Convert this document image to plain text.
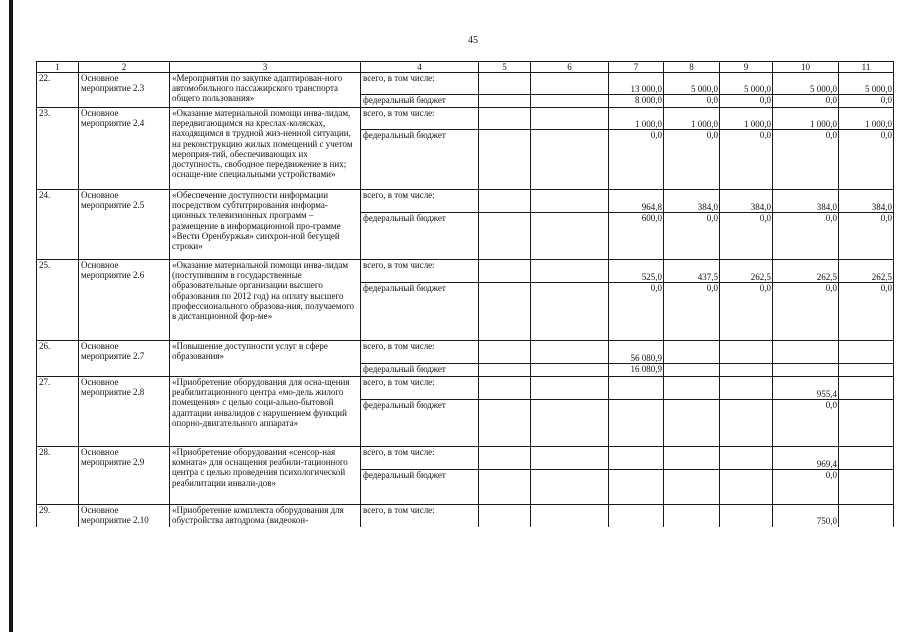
45
1	2	3	4	5	6	7	8	9	10	11
22.	Основное мероприятие 2.3	«Мероприятия по закупке адаптирован-ного автомобильного пассажирского транспорта общего пользования»	всего, в том числе:			13 000,0	5 000,0	5 000,0	5 000,0	5 000,0
			федеральный бюджет			8 000,0	0,0	0,0	0,0	0,0
23.	Основное мероприятие 2.4	«Оказание материальной помощи инва-лидам, передвигающимся на креслах-колясках, находящимся в трудной жиз-ненной ситуации, на реконструкцию жилых помещений с учетом мероприя-тий, обеспечивающих их доступность, свободное передвижение в них; оснаще-ние специальными устройствами»	всего, в том числе:			1 000,0	1 000,0	1 000,0	1 000,0	1 000,0
			федеральный бюджет			0,0	0,0	0,0	0,0	0,0
24.	Основное мероприятие 2.5	«Обеспечение доступности информации посредством субтитрирования информа-ционных телевизионных программ – размещение в информационной про-грамме «Вести Оренбуржья» синхрон-ной бегущей строки»	всего, в том числе:			964,8	384,0	384,0	384,0	384,0
			федеральный бюджет			600,0	0,0	0,0	0,0	0,0
25.	Основное мероприятие 2.6	«Оказание материальной помощи инва-лидам (поступившим в государственные образовательные организации высшего образования по 2012 год) на оплату высшего профессионального образова-ния, получаемого в дистанционной фор-ме»	всего, в том числе:			525,0	437,5	262,5	262,5	262,5
			федеральный бюджет			0,0	0,0	0,0	0,0	0,0
26.	Основное мероприятие 2.7	«Повышение доступности услуг в сфере образования»	всего, в том числе:			56 080,9				
			федеральный бюджет			16 080,9				
27.	Основное мероприятие 2.8	«Приобретение оборудования для осна-щения реабилитационного центра «мо-дель жилого помещения» с целью соци-ально-бытовой адаптации инвалидов с нарушением функций опорно-двигательного аппарата»	всего, в том числе:						955,4	
			федеральный бюджет						0,0	
28.	Основное мероприятие 2.9	«Приобретение оборудования «сенсор-ная комната» для оснащения реабили-тационного центра с целью проведения психологической реабилитации инвали-дов»	всего, в том числе:						969,4	
			федеральный бюджет						0,0	
29.	Основное мероприятие 2.10	«Приобретение комплекта оборудования для обустройства автодрома (видеокон-	всего, в том числе:						750,0	
